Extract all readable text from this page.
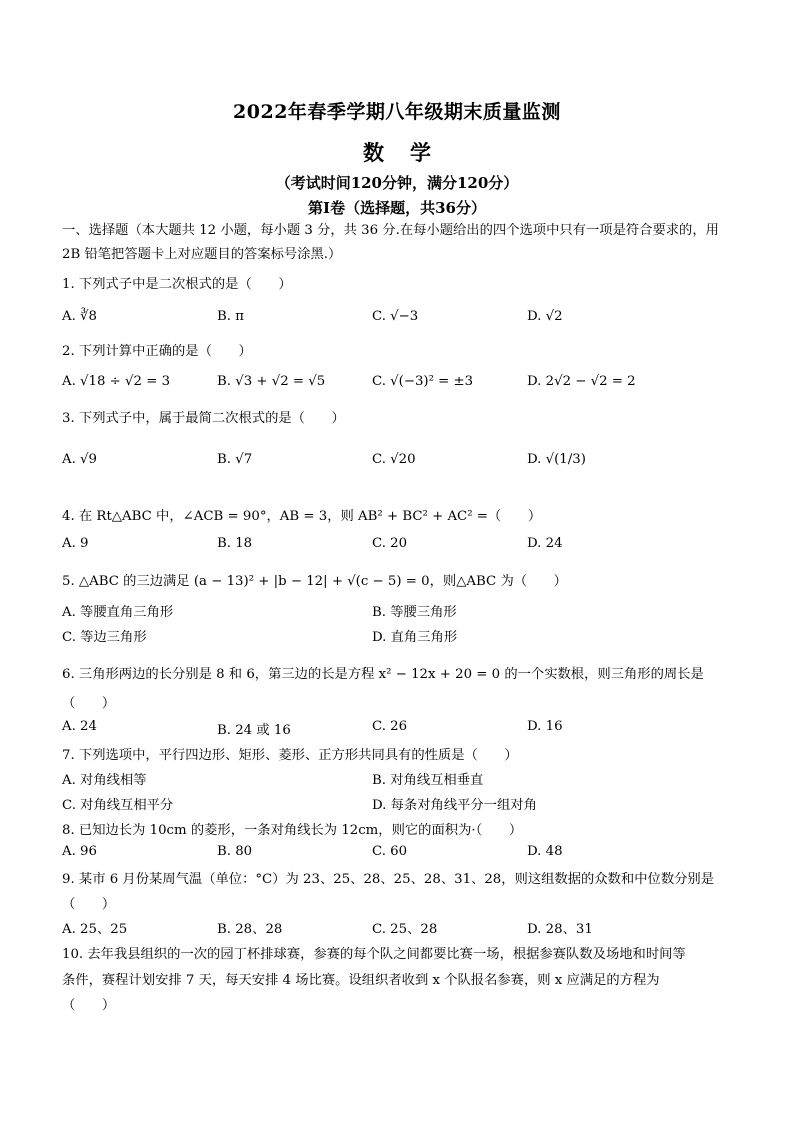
2022年春季学期八年级期末质量监测
数学
（考试时间120分钟，满分120分）
第Ⅰ卷（选择题，共36分）
一、选择题（本大题共 12 小题，每小题 3 分，共 36 分.在每小题给出的四个选项中只有一项是符合要求的，用 2B 铅笔把答题卡上对应题目的答案标号涂黑.）
1. 下列式子中是二次根式的是（　　）
A. ∛8	B. π	C. √−3	D. √2
2. 下列计算中正确的是（　　）
A. √18 ÷ √2 = 3	B. √3 + √2 = √5	C. √(−3)² = ±3	D. 2√2 − √2 = 2
3. 下列式子中，属于最简二次根式的是（　　）
A. √9	B. √7	C. √20	D. √(1/3)
4. 在 Rt△ABC 中，∠ACB = 90°，AB = 3，则 AB² + BC² + AC² =（　　）
A. 9	B. 18	C. 20	D. 24
5. △ABC 的三边满足 (a − 13)² + |b − 12| + √(c − 5) = 0，则△ABC 为（　　）
A. 等腰直角三角形	B. 等腰三角形
C. 等边三角形	D. 直角三角形
6. 三角形两边的长分别是 8 和 6，第三边的长是方程 x² − 12x + 20 = 0 的一个实数根，则三角形的周长是
（　　）
A. 24	B. 24 或 16	C. 26	D. 16
7. 下列选项中，平行四边形、矩形、菱形、正方形共同具有的性质是（　　）
A. 对角线相等	B. 对角线互相垂直
C. 对角线互相平分	D. 每条对角线平分一组对角
8. 已知边长为 10cm 的菱形，一条对角线长为 12cm，则它的面积为·（　　）
A. 96	B. 80	C. 60	D. 48
9. 某市 6 月份某周气温（单位：°C）为 23、25、28、25、28、31、28，则这组数据的众数和中位数分别是
（　　）
A. 25、25	B. 28、28	C. 25、28	D. 28、31
10. 去年我县组织的一次的园丁杯排球赛，参赛的每个队之间都要比赛一场，根据参赛队数及场地和时间等
条件，赛程计划安排 7 天，每天安排 4 场比赛。设组织者收到 x 个队报名参赛，则 x 应满足的方程为
（　　）
